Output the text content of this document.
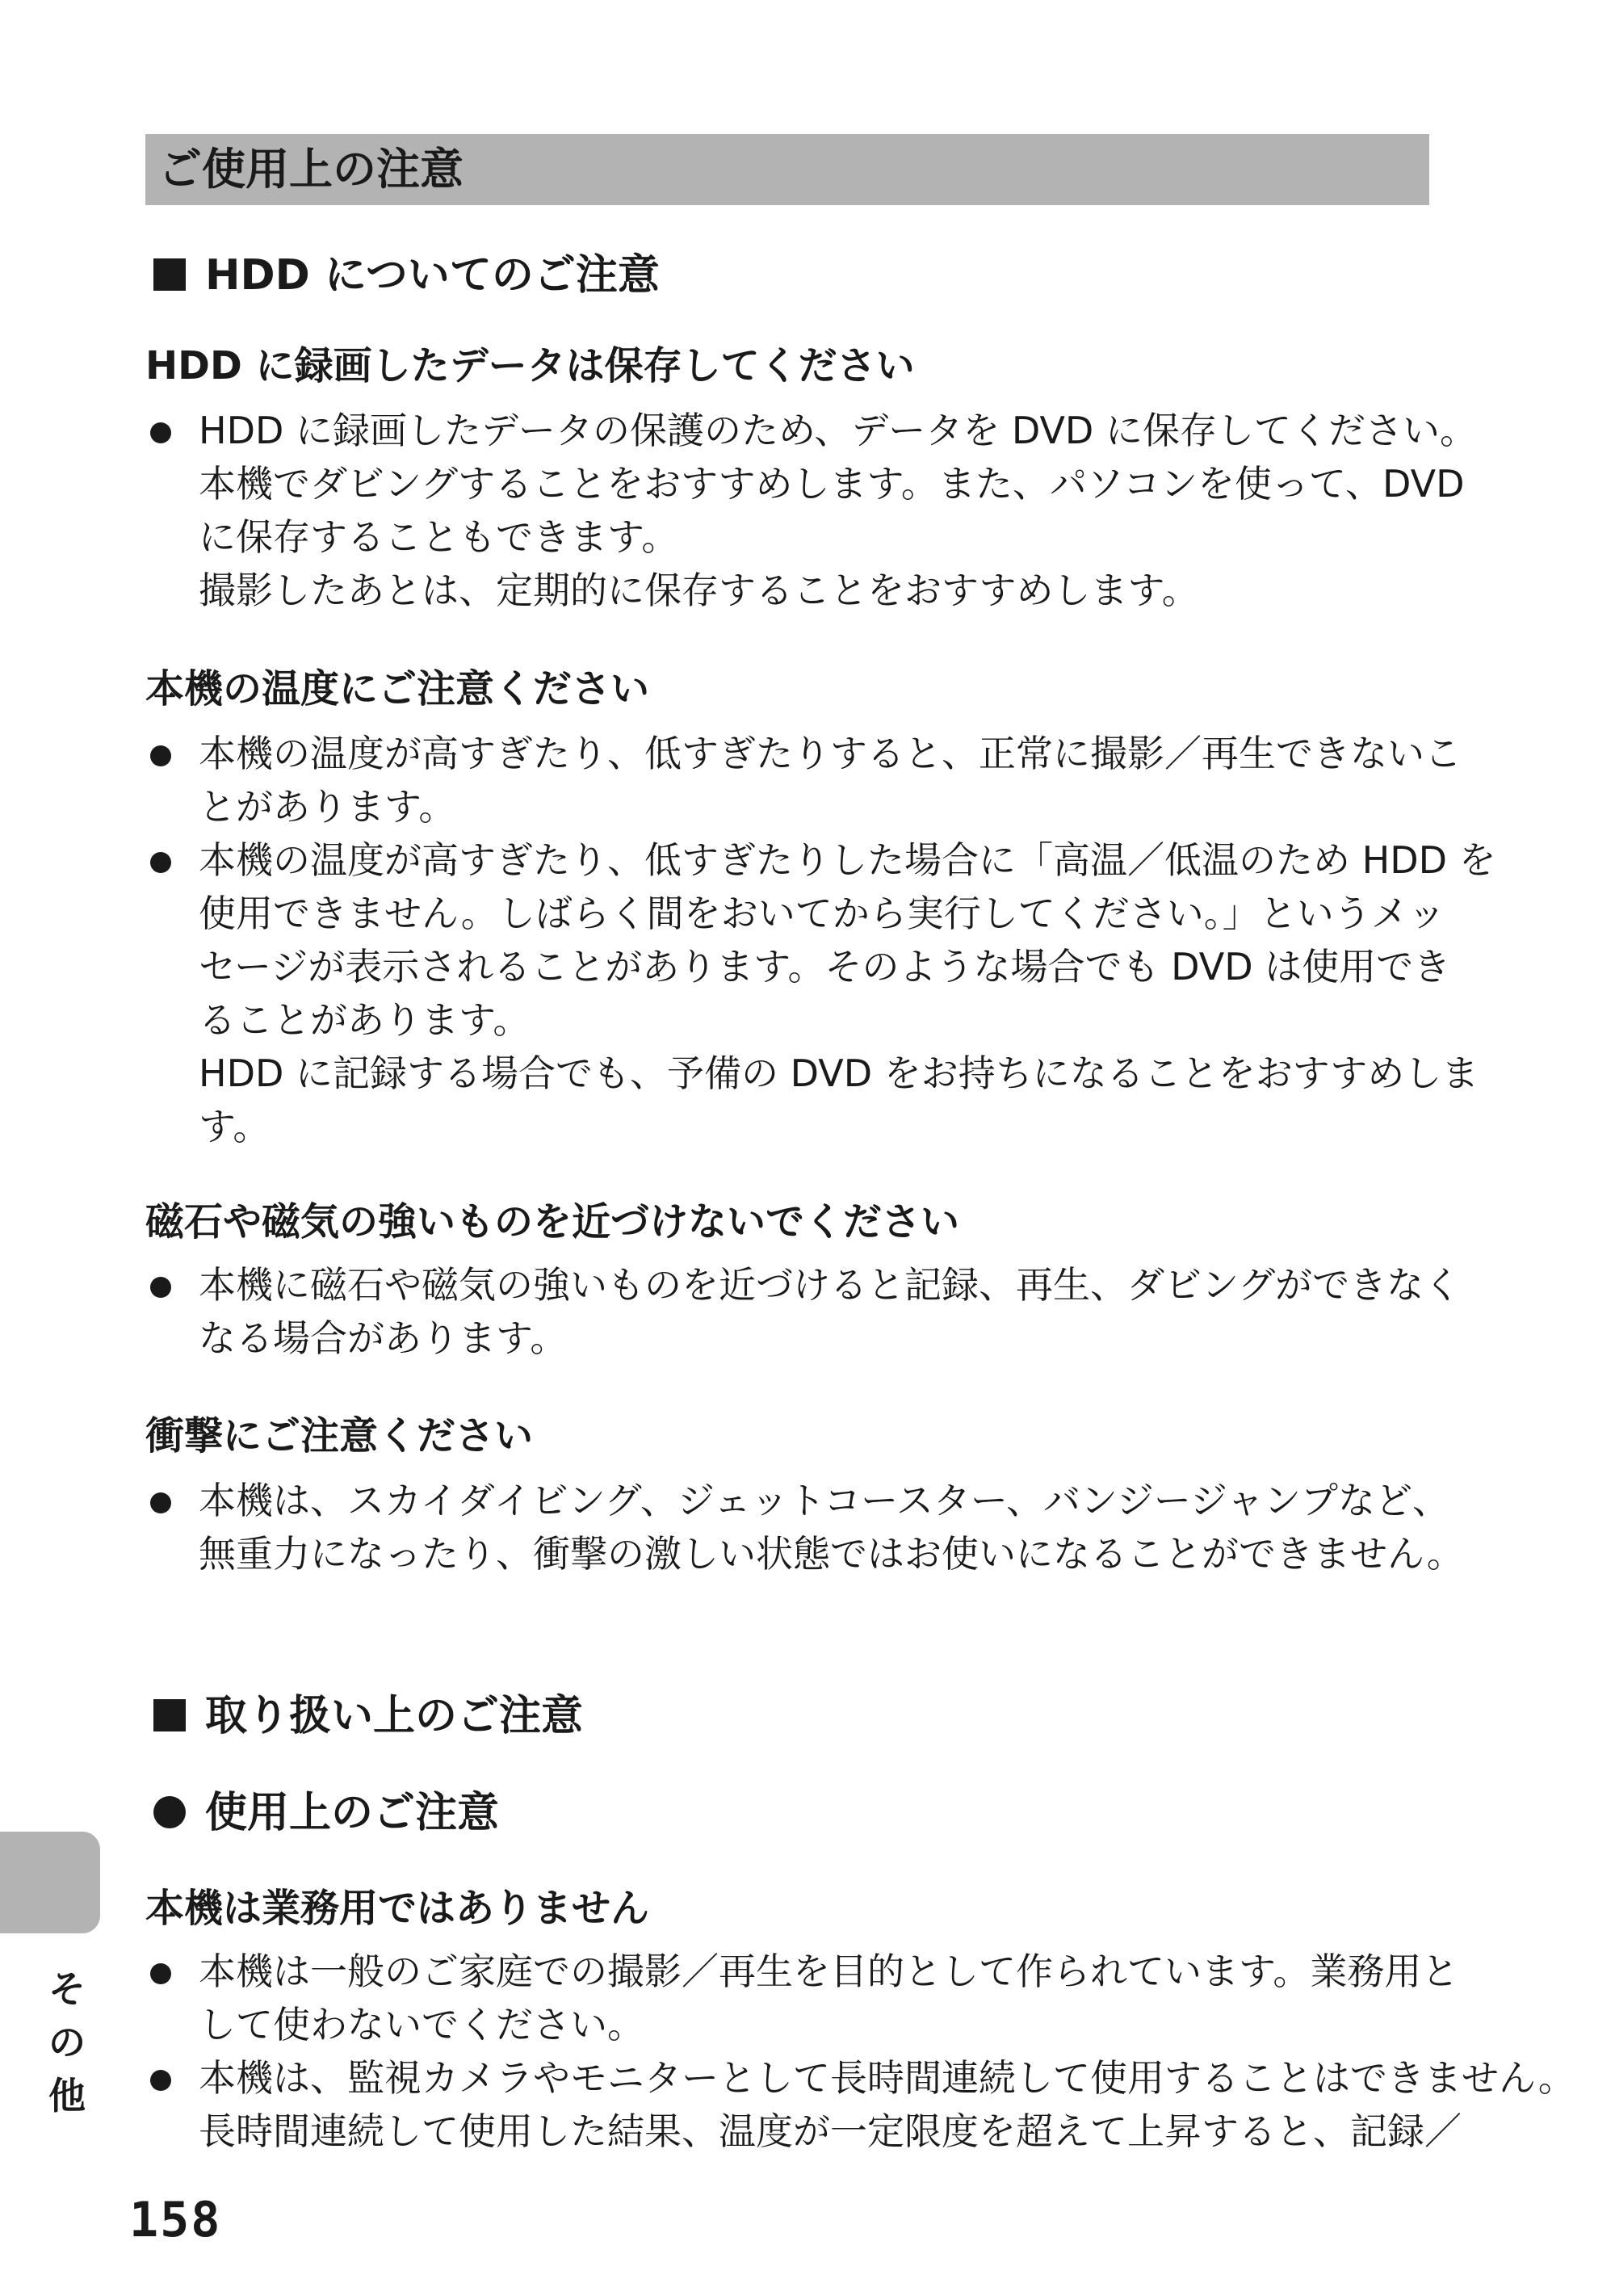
ご使用上の注意
HDD についてのご注意
HDD に録画したデータは保存してください
HDD に録画したデータの保護のため、データを DVD に保存してください。
本機でダビングすることをおすすめします。また、パソコンを使って、DVD
に保存することもできます。
撮影したあとは、定期的に保存することをおすすめします。
本機の温度にご注意ください
本機の温度が高すぎたり、低すぎたりすると、正常に撮影／再生できないこ
とがあります。
本機の温度が高すぎたり、低すぎたりした場合に「高温／低温のため HDD を
使用できません。しばらく間をおいてから実行してください。」というメッ
セージが表示されることがあります。そのような場合でも DVD は使用でき
ることがあります。
HDD に記録する場合でも、予備の DVD をお持ちになることをおすすめしま
す。
磁石や磁気の強いものを近づけないでください
本機に磁石や磁気の強いものを近づけると記録、再生、ダビングができなく
なる場合があります。
衝撃にご注意ください
本機は、スカイダイビング、ジェットコースター、バンジージャンプなど、
無重力になったり、衝撃の激しい状態ではお使いになることができません。
取り扱い上のご注意
使用上のご注意
本機は業務用ではありません
本機は一般のご家庭での撮影／再生を目的として作られています。業務用と
して使わないでください。
本機は、監視カメラやモニターとして長時間連続して使用することはできません。
長時間連続して使用した結果、温度が一定限度を超えて上昇すると、記録／
そ
の
他
158
